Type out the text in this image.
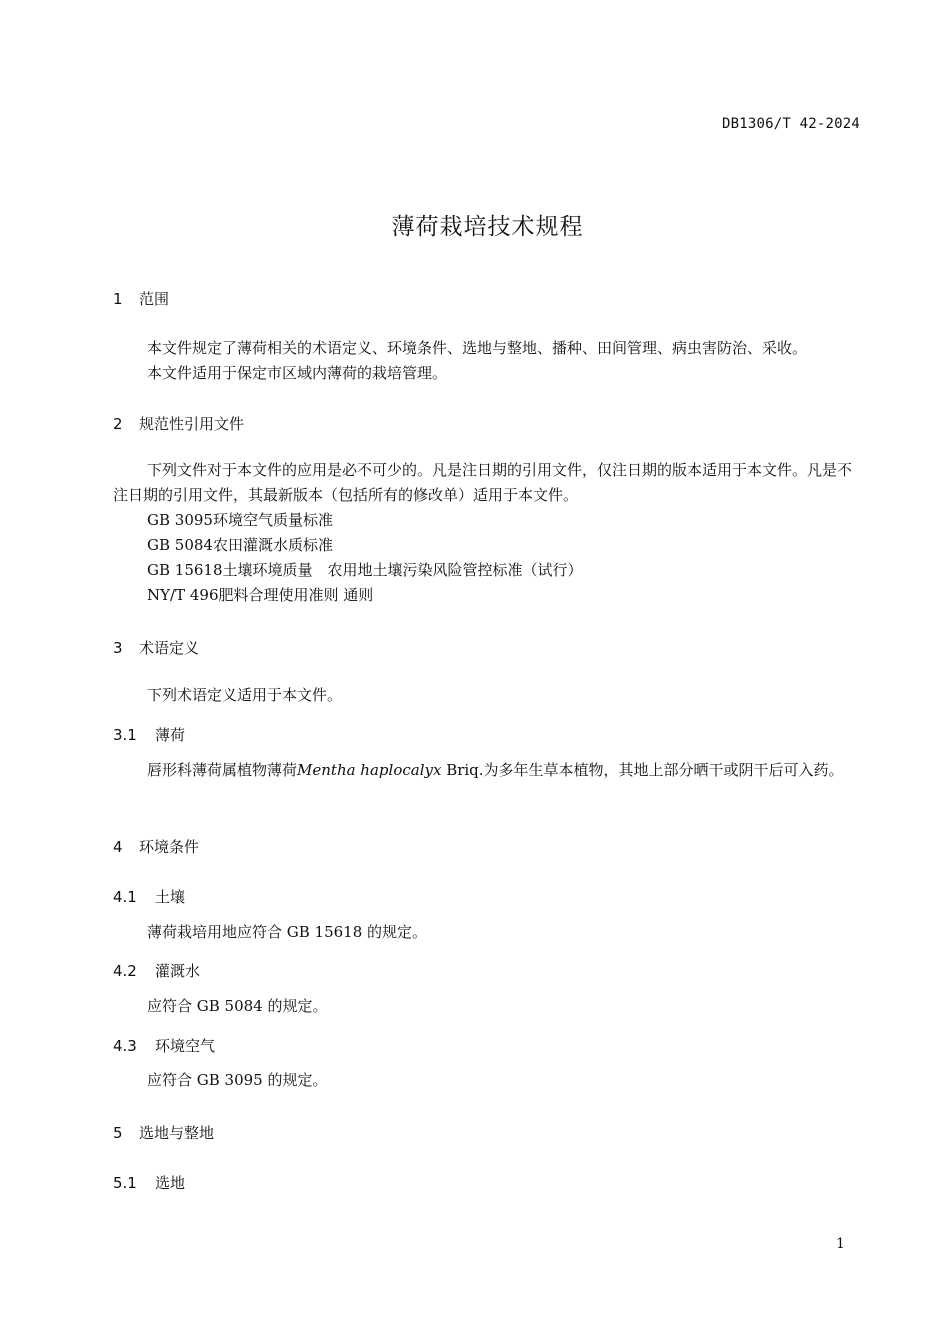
DB1306/T 42-2024
薄荷栽培技术规程
1 范围
本文件规定了薄荷相关的术语定义、环境条件、选地与整地、播种、田间管理、病虫害防治、采收。
本文件适用于保定市区域内薄荷的栽培管理。
2 规范性引用文件
下列文件对于本文件的应用是必不可少的。凡是注日期的引用文件，仅注日期的版本适用于本文件。凡是不注日期的引用文件，其最新版本（包括所有的修改单）适用于本文件。
GB 3095环境空气质量标准
GB 5084农田灌溉水质标准
GB 15618土壤环境质量　农用地土壤污染风险管控标准（试行）
NY/T 496肥料合理使用准则 通则
3 术语定义
下列术语定义适用于本文件。
3.1 薄荷
唇形科薄荷属植物薄荷Mentha haplocalyx Briq.为多年生草本植物，其地上部分晒干或阴干后可入药。
4 环境条件
4.1 土壤
薄荷栽培用地应符合 GB 15618 的规定。
4.2 灌溉水
应符合 GB 5084 的规定。
4.3 环境空气
应符合 GB 3095 的规定。
5 选地与整地
5.1 选地
1
